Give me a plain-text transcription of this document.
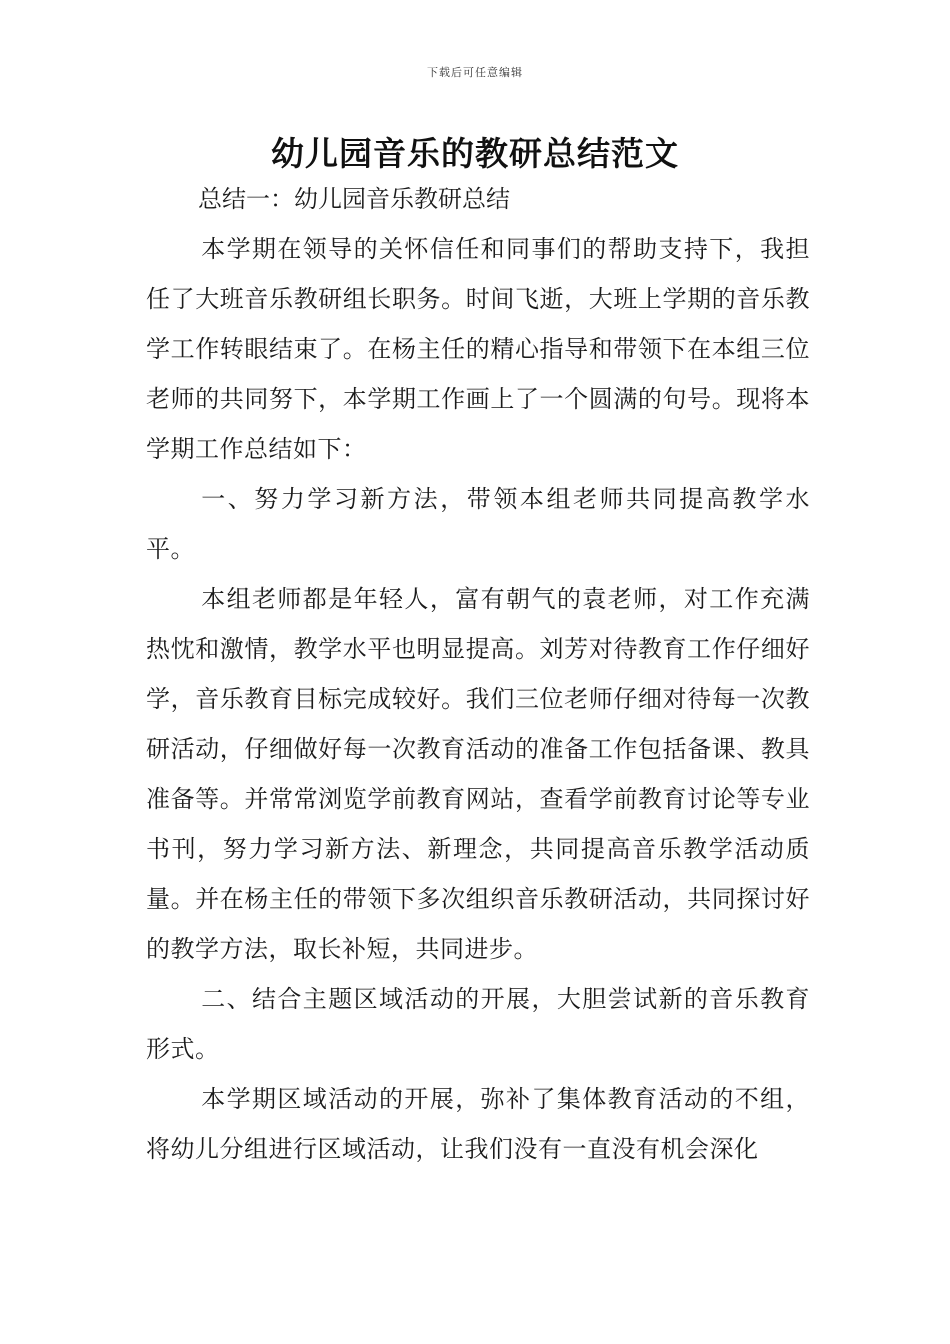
下载后可任意编辑
幼儿园音乐的教研总结范文

总结一：幼儿园音乐教研总结

本学期在领导的关怀信任和同事们的帮助支持下，我担任了大班音乐教研组长职务。时间飞逝，大班上学期的音乐教学工作转眼结束了。在杨主任的精心指导和带领下在本组三位老师的共同努下，本学期工作画上了一个圆满的句号。现将本学期工作总结如下：

一、努力学习新方法，带领本组老师共同提高教学水平。

本组老师都是年轻人，富有朝气的袁老师，对工作充满热忱和激情，教学水平也明显提高。刘芳对待教育工作仔细好学，音乐教育目标完成较好。我们三位老师仔细对待每一次教研活动，仔细做好每一次教育活动的准备工作包括备课、教具准备等。并常常浏览学前教育网站，查看学前教育讨论等专业书刊，努力学习新方法、新理念，共同提高音乐教学活动质量。并在杨主任的带领下多次组织音乐教研活动，共同探讨好的教学方法，取长补短，共同进步。

二、结合主题区域活动的开展，大胆尝试新的音乐教育形式。

本学期区域活动的开展，弥补了集体教育活动的不组，将幼儿分组进行区域活动，让我们没有一直没有机会深化
